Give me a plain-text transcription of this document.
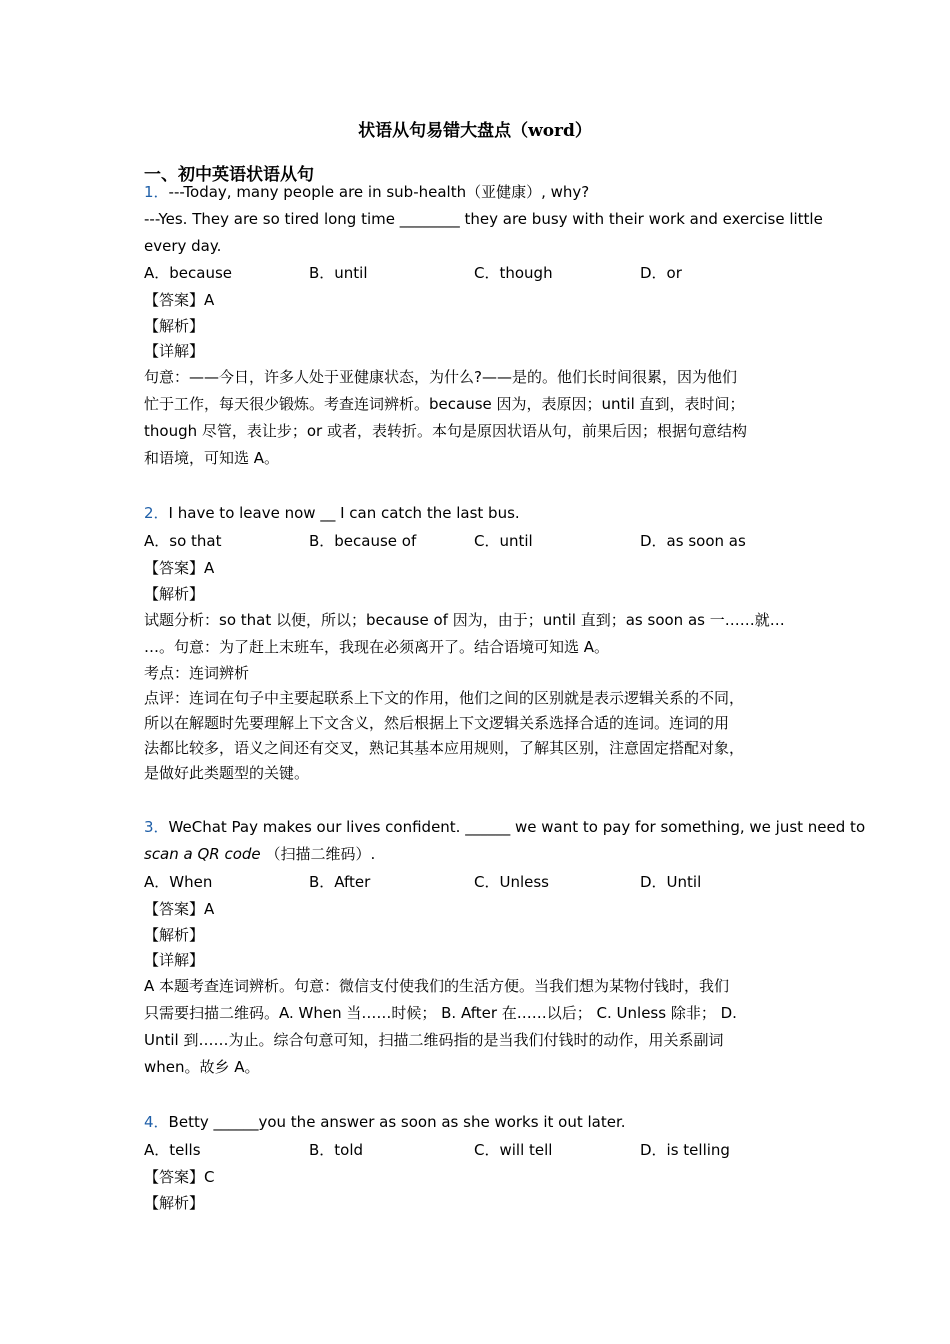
状语从句易错大盘点（word）
一、初中英语状语从句
1．---Today, many people are in sub-health（亚健康）, why?
---Yes. They are so tired long time ________ they are busy with their work and exercise little
every day.
A．because	B．until	C．though	D．or
【答案】A
【解析】
【详解】
句意：——今日，许多人处于亚健康状态，为什么?——是的。他们长时间很累，因为他们
忙于工作，每天很少锻炼。考查连词辨析。because 因为，表原因；until 直到，表时间；
though 尽管，表让步；or 或者，表转折。本句是原因状语从句，前果后因；根据句意结构
和语境，可知选 A。
2．I have to leave now __ I can catch the last bus.
A．so that	B．because of	C．until	D．as soon as
【答案】A
【解析】
试题分析：so that 以便，所以；because of 因为，由于；until 直到；as soon as 一……就…
…。句意：为了赶上末班车，我现在必须离开了。结合语境可知选 A。
考点：连词辨析
点评：连词在句子中主要起联系上下文的作用，他们之间的区别就是表示逻辑关系的不同，
所以在解题时先要理解上下文含义，然后根据上下文逻辑关系选择合适的连词。连词的用
法都比较多，语义之间还有交叉，熟记其基本应用规则，了解其区别，注意固定搭配对象，
是做好此类题型的关键。
3．WeChat Pay makes our lives confident. ______ we want to pay for something, we just need to
scan a QR code （扫描二维码）.
A．When	B．After	C．Unless	D．Until
【答案】A
【解析】
【详解】
A 本题考查连词辨析。句意：微信支付使我们的生活方便。当我们想为某物付钱时，我们
只需要扫描二维码。A. When 当……时候； B. After 在……以后； C. Unless 除非； D.
Until 到……为止。综合句意可知，扫描二维码指的是当我们付钱时的动作，用关系副词
when。故乡 A。
4．Betty ______you the answer as soon as she works it out later.
A．tells	B．told	C．will tell	D．is telling
【答案】C
【解析】
